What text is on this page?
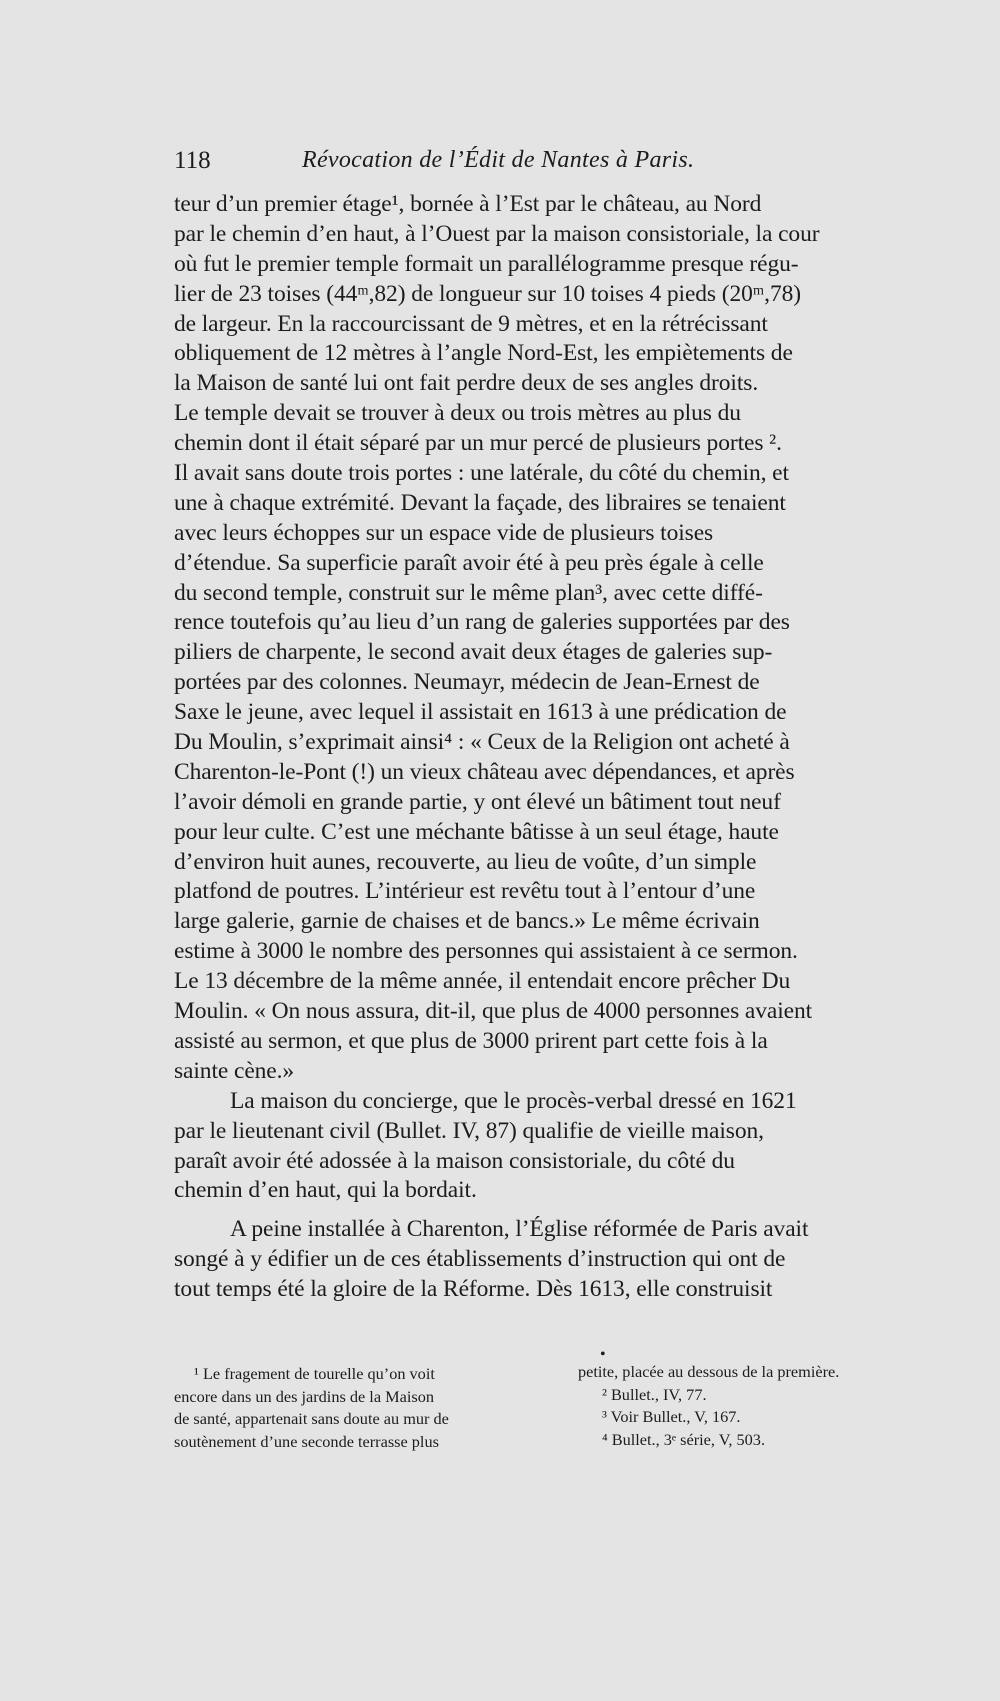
118	Révocation de l’Édit de Nantes à Paris.
teur d’un premier étage¹, bornée à l’Est par le château, au Nord
par le chemin d’en haut, à l’Ouest par la maison consistoriale, la cour
où fut le premier temple formait un parallélogramme presque régu-
lier de 23 toises (44ᵐ,82) de longueur sur 10 toises 4 pieds (20ᵐ,78)
de largeur. En la raccourcissant de 9 mètres, et en la rétrécissant
obliquement de 12 mètres à l’angle Nord-Est, les empiètements de
la Maison de santé lui ont fait perdre deux de ses angles droits.
Le temple devait se trouver à deux ou trois mètres au plus du
chemin dont il était séparé par un mur percé de plusieurs portes ².
Il avait sans doute trois portes : une latérale, du côté du chemin, et
une à chaque extrémité. Devant la façade, des libraires se tenaient
avec leurs échoppes sur un espace vide de plusieurs toises
d’étendue. Sa superficie paraît avoir été à peu près égale à celle
du second temple, construit sur le même plan³, avec cette diffé-
rence toutefois qu’au lieu d’un rang de galeries supportées par des
piliers de charpente, le second avait deux étages de galeries sup-
portées par des colonnes. Neumayr, médecin de Jean-Ernest de
Saxe le jeune, avec lequel il assistait en 1613 à une prédication de
Du Moulin, s’exprimait ainsi⁴ : « Ceux de la Religion ont acheté à
Charenton-le-Pont (!) un vieux château avec dépendances, et après
l’avoir démoli en grande partie, y ont élevé un bâtiment tout neuf
pour leur culte. C’est une méchante bâtisse à un seul étage, haute
d’environ huit aunes, recouverte, au lieu de voûte, d’un simple
platfond de poutres. L’intérieur est revêtu tout à l’entour d’une
large galerie, garnie de chaises et de bancs.» Le même écrivain
estime à 3000 le nombre des personnes qui assistaient à ce sermon.
Le 13 décembre de la même année, il entendait encore prêcher Du
Moulin. « On nous assura, dit-il, que plus de 4000 personnes avaient
assisté au sermon, et que plus de 3000 prirent part cette fois à la
sainte cène.»
La maison du concierge, que le procès-verbal dressé en 1621
par le lieutenant civil (Bullet. IV, 87) qualifie de vieille maison,
paraît avoir été adossée à la maison consistoriale, du côté du
chemin d’en haut, qui la bordait.
A peine installée à Charenton, l’Église réformée de Paris avait
songé à y édifier un de ces établissements d’instruction qui ont de
tout temps été la gloire de la Réforme. Dès 1613, elle construisit
¹ Le fragement de tourelle qu’on voit
encore dans un des jardins de la Maison
de santé, appartenait sans doute au mur de
soutènement d’une seconde terrasse plus
•
petite, placée au dessous de la première.
² Bullet., IV, 77.
³ Voir Bullet., V, 167.
⁴ Bullet., 3ᵉ série, V, 503.
